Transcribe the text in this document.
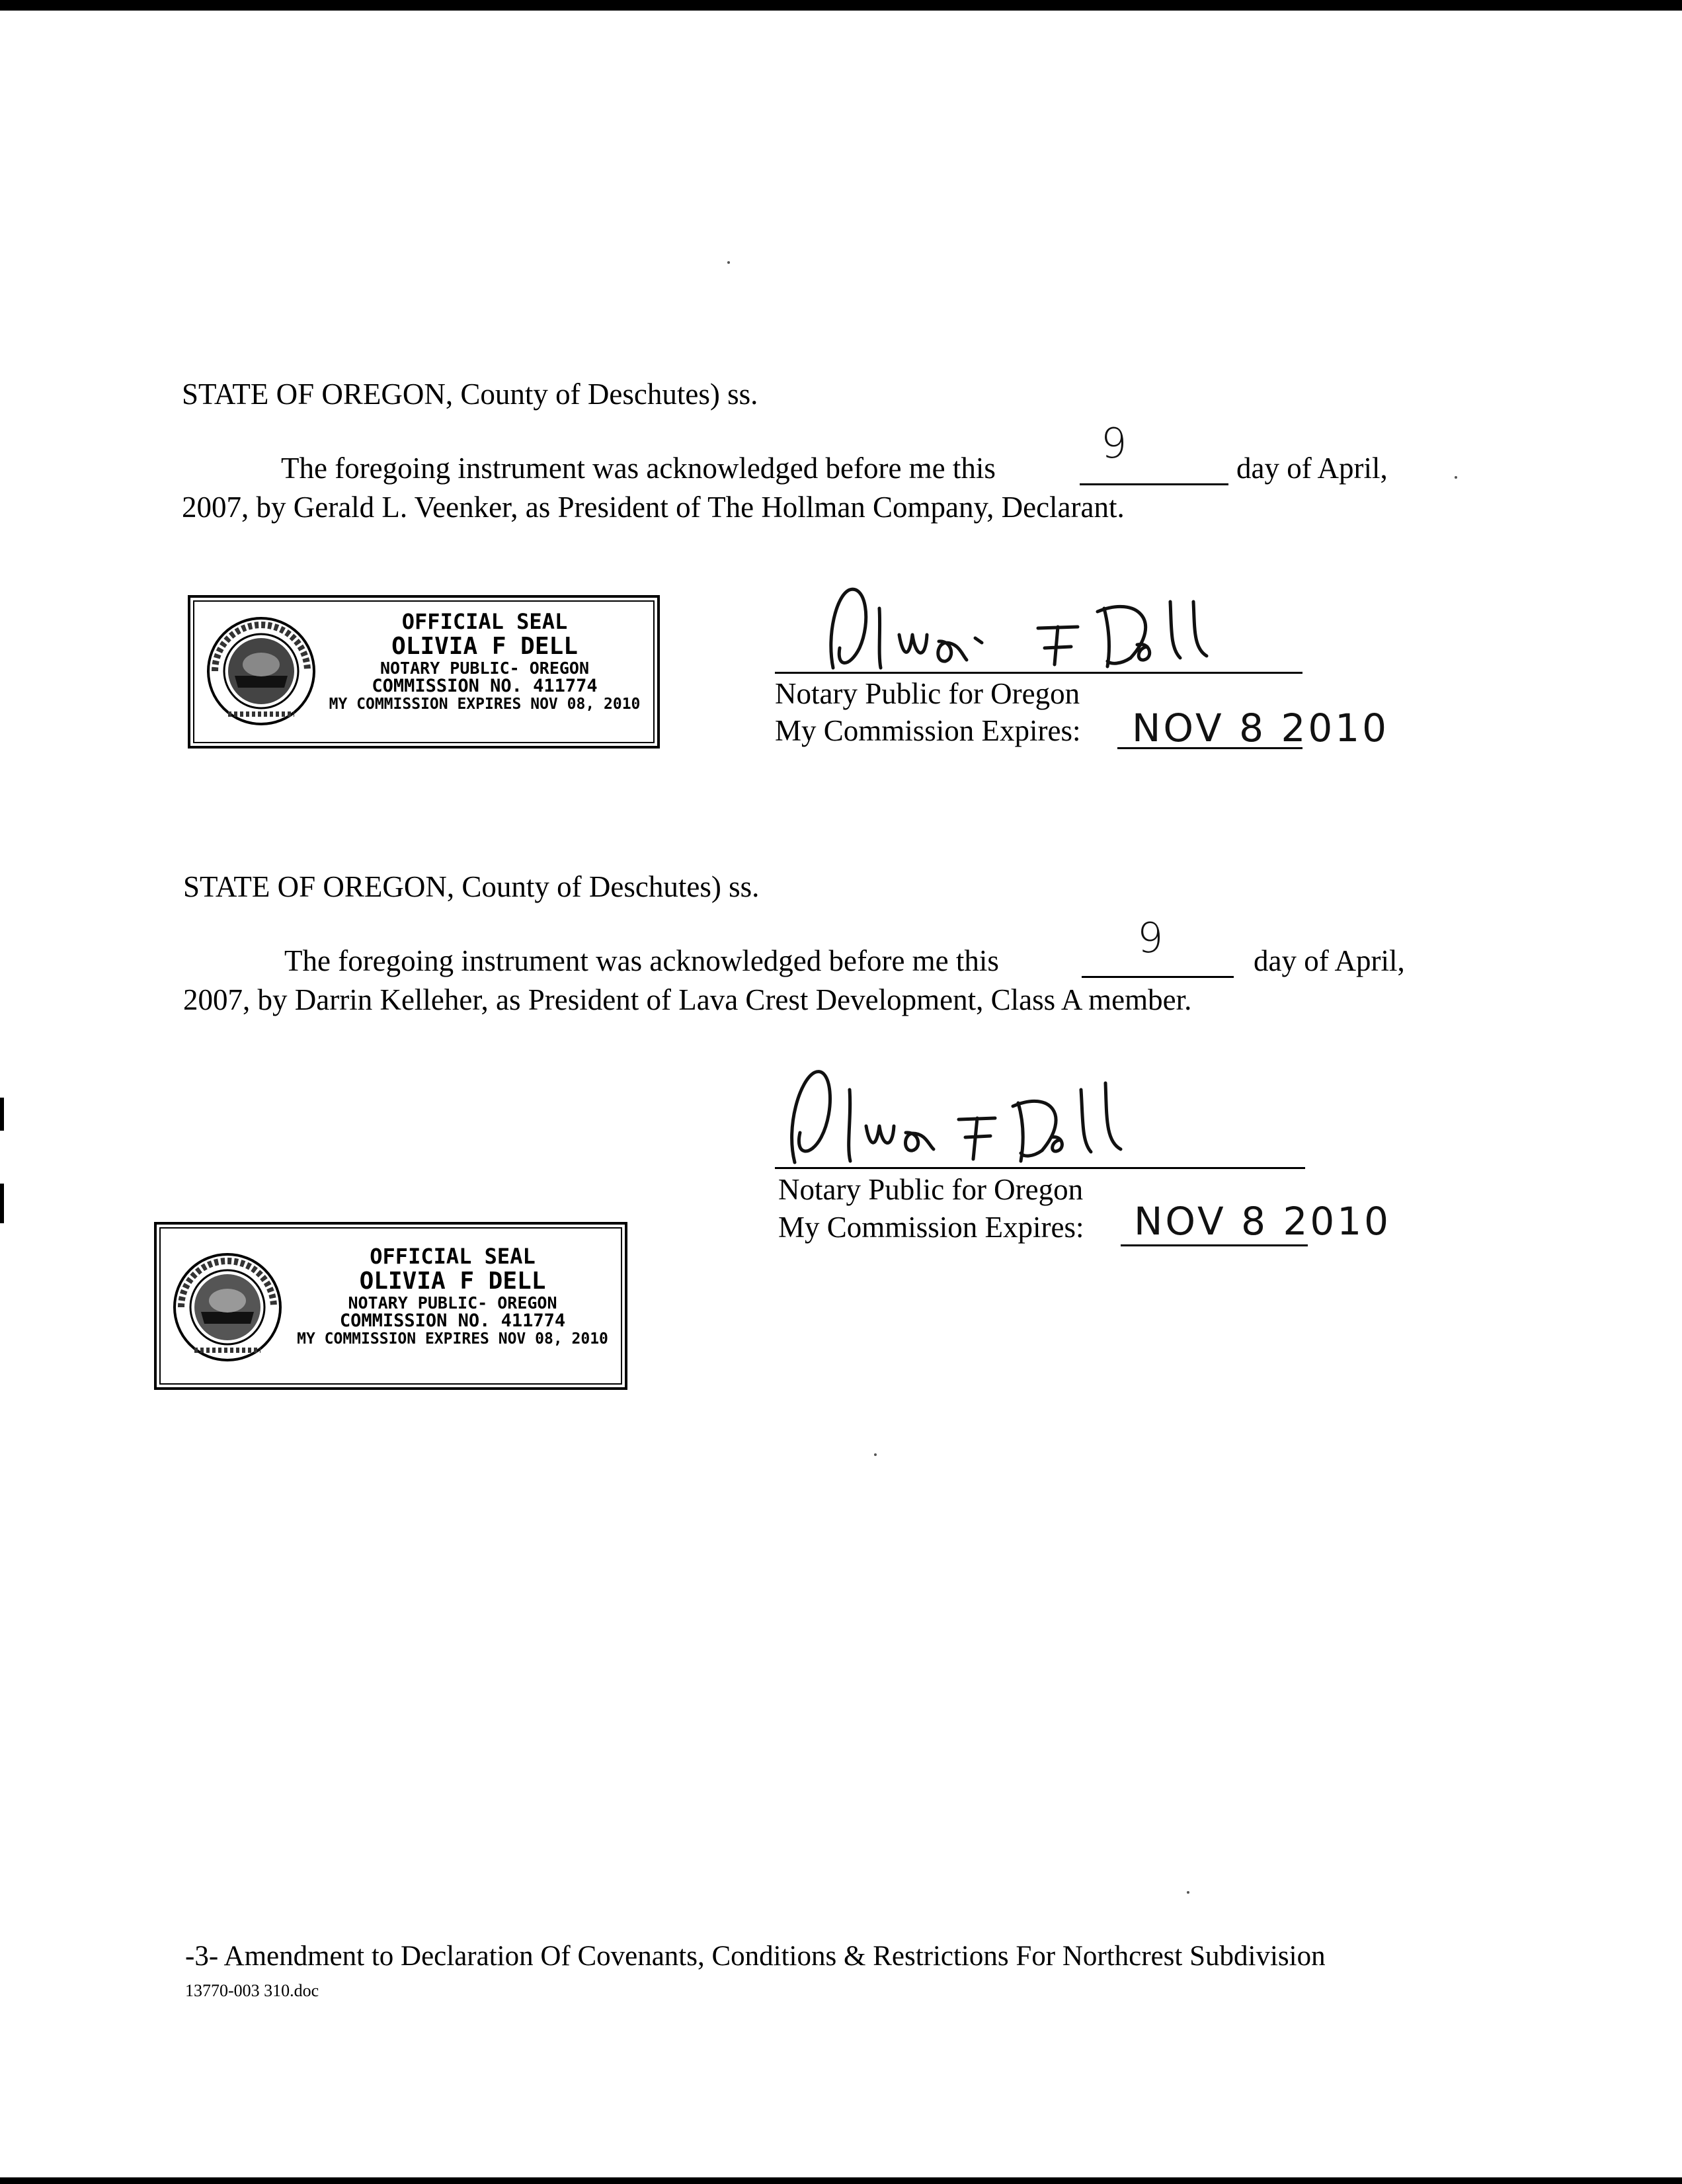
STATE OF OREGON, County of Deschutes) ss.
The foregoing instrument was acknowledged before me this
9
day of April,
2007, by Gerald L. Veenker, as President of The Hollman Company, Declarant.
OFFICIAL SEAL
OLIVIA F DELL
NOTARY PUBLIC- OREGON
COMMISSION NO. 411774
MY COMMISSION EXPIRES NOV 08, 2010	Notary Public for Oregon
My Commission Expires: NOV 8 2010
STATE OF OREGON, County of Deschutes) ss.
The foregoing instrument was acknowledged before me this	9	day of April,
2007, by Darrin Kelleher, as President of Lava Crest Development, Class A member.
Notary Public for Oregon
My Commission Expires: NOV 8 2010
OFFICIAL SEAL
OLIVIA F DELL
NOTARY PUBLIC- OREGON
COMMISSION NO. 411774
MY COMMISSION EXPIRES NOV 08, 2010
-3- Amendment to Declaration Of Covenants, Conditions & Restrictions For Northcrest Subdivision
13770-003 310.doc
